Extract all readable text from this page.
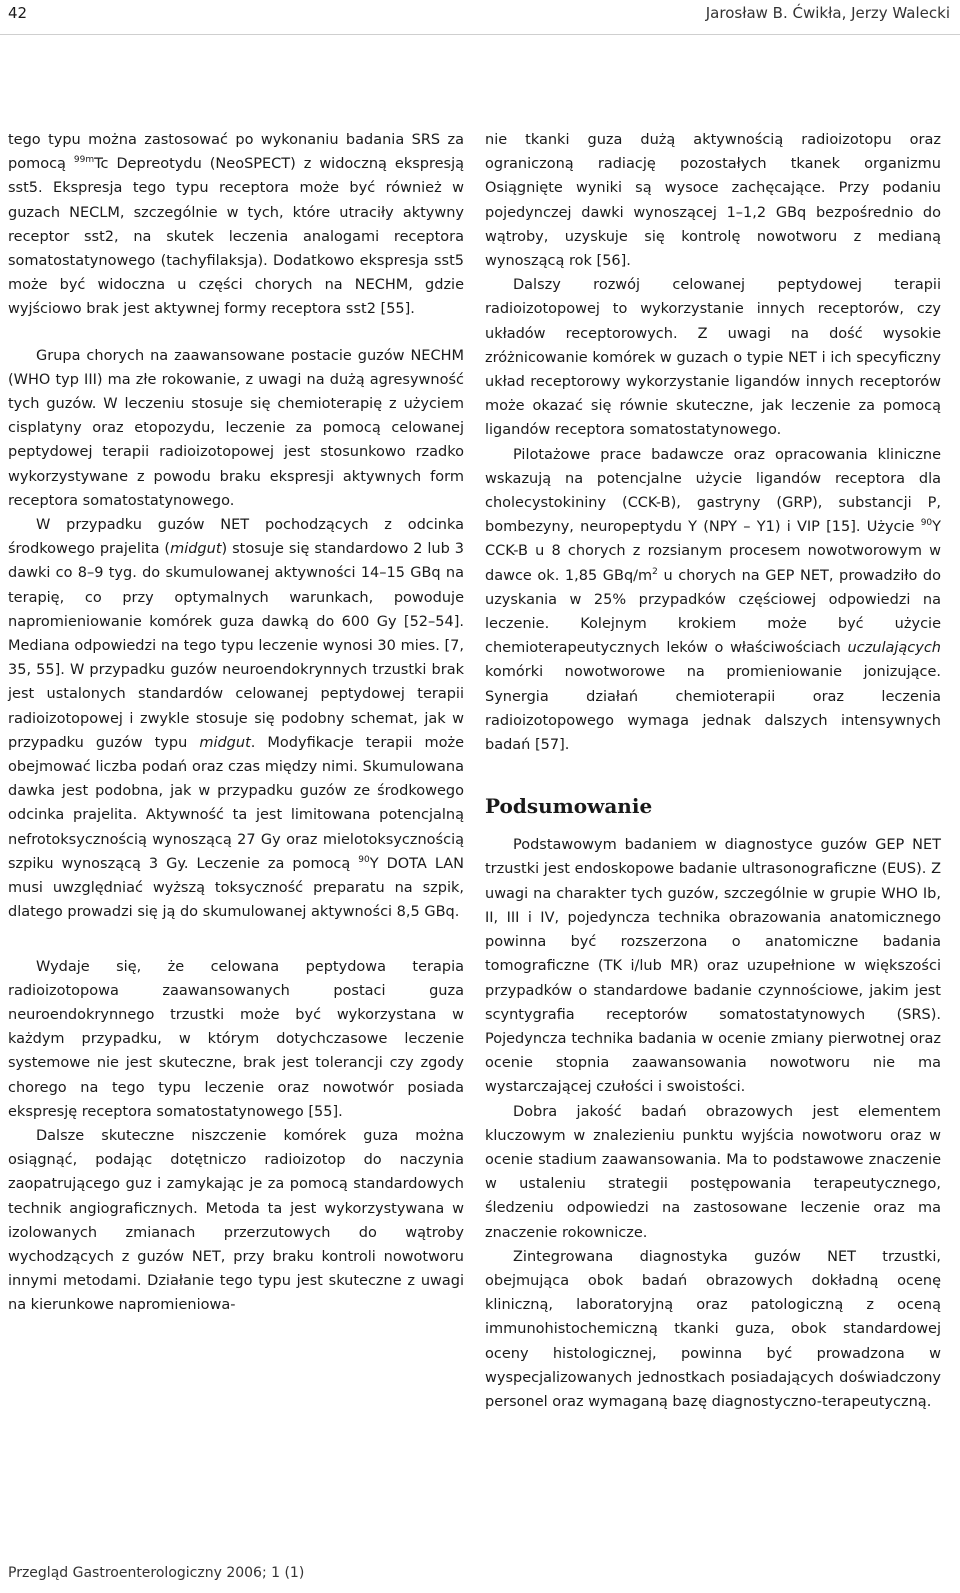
42	Jarosław B. Ćwikła, Jerzy Walecki

tego typu można zastosować po wykonaniu badania SRS za pomocą $^{99m}$Tc Depreotydu (NeoSPECT) z widoczną ekspresją sst5. Ekspresja tego typu receptora może być również w guzach NECLM, szczególnie w tych, które utraciły aktywny receptor sst2, na skutek leczenia analogami receptora somatostatynowego (tachyfilaksja). Dodatkowo ekspresja sst5 może być widoczna u części chorych na NECHM, gdzie wyjściowo brak jest aktywnej formy receptora sst2 [55].

Grupa chorych na zaawansowane postacie guzów NECHM (WHO typ III) ma złe rokowanie, z uwagi na dużą agresywność tych guzów. W leczeniu stosuje się chemioterapię z użyciem cisplatyny oraz etopozydu, leczenie za pomocą celowanej peptydowej terapii radioizotopowej jest stosunkowo rzadko wykorzystywane z powodu braku ekspresji aktywnych form receptora somatostatynowego.

W przypadku guzów NET pochodzących z odcinka środkowego prajelita (midgut) stosuje się standardowo 2 lub 3 dawki co 8–9 tyg. do skumulowanej aktywności 14–15 GBq na terapię, co przy optymalnych warunkach, powoduje napromieniowanie komórek guza dawką do 600 Gy [52–54]. Mediana odpowiedzi na tego typu leczenie wynosi 30 mies. [7, 35, 55]. W przypadku guzów neuroendokrynnych trzustki brak jest ustalonych standardów celowanej peptydowej terapii radioizotopowej i zwykle stosuje się podobny schemat, jak w przypadku guzów typu midgut. Modyfikacje terapii może obejmować liczba podań oraz czas między nimi. Skumulowana dawka jest podobna, jak w przypadku guzów ze środkowego odcinka prajelita. Aktywność ta jest limitowana potencjalną nefrotoksycznością wynoszącą 27 Gy oraz mielotoksycznością szpiku wynoszącą 3 Gy. Leczenie za pomocą $^{90}$Y DOTA LAN musi uwzględniać wyższą toksyczność preparatu na szpik, dlatego prowadzi się ją do skumulowanej aktywności 8,5 GBq.

Wydaje się, że celowana peptydowa terapia radioizotopowa zaawansowanych postaci guza neuroendokrynnego trzustki może być wykorzystana w każdym przypadku, w którym dotychczasowe leczenie systemowe nie jest skuteczne, brak jest tolerancji czy zgody chorego na tego typu leczenie oraz nowotwór posiada ekspresję receptora somatostatynowego [55].

Dalsze skuteczne niszczenie komórek guza można osiągnąć, podając dotętniczo radioizotop do naczynia zaopatrującego guz i zamykając je za pomocą standardowych technik angiograficznych. Metoda ta jest wykorzystywana w izolowanych zmianach przerzutowych do wątroby wychodzących z guzów NET, przy braku kontroli nowotworu innymi metodami. Działanie tego typu jest skuteczne z uwagi na kierunkowe napromieniowa-

nie tkanki guza dużą aktywnością radioizotopu oraz ograniczoną radiację pozostałych tkanek organizmu Osiągnięte wyniki są wysoce zachęcające. Przy podaniu pojedynczej dawki wynoszącej 1–1,2 GBq bezpośrednio do wątroby, uzyskuje się kontrolę nowotworu z medianą wynoszącą rok [56].

Dalszy rozwój celowanej peptydowej terapii radioizotopowej to wykorzystanie innych receptorów, czy układów receptorowych. Z uwagi na dość wysokie zróżnicowanie komórek w guzach o typie NET i ich specyficzny układ receptorowy wykorzystanie ligandów innych receptorów może okazać się równie skuteczne, jak leczenie za pomocą ligandów receptora somatostatynowego.

Pilotażowe prace badawcze oraz opracowania kliniczne wskazują na potencjalne użycie ligandów receptora dla cholecystokininy (CCK-B), gastryny (GRP), substancji P, bombezyny, neuropeptydu Y (NPY – Y1) i VIP [15]. Użycie $^{90}$Y CCK-B u 8 chorych z rozsianym procesem nowotworowym w dawce ok. 1,85 GBq/$m^2$ u chorych na GEP NET, prowadziło do uzyskania w 25% przypadków częściowej odpowiedzi na leczenie. Kolejnym krokiem może być użycie chemioterapeutycznych leków o właściwościach uczulających komórki nowotworowe na promieniowanie jonizujące. Synergia działań chemioterapii oraz leczenia radioizotopowego wymaga jednak dalszych intensywnych badań [57].

Podsumowanie

Podstawowym badaniem w diagnostyce guzów GEP NET trzustki jest endoskopowe badanie ultrasonograficzne (EUS). Z uwagi na charakter tych guzów, szczególnie w grupie WHO Ib, II, III i IV, pojedyncza technika obrazowania anatomicznego powinna być rozszerzona o anatomiczne badania tomograficzne (TK i/lub MR) oraz uzupełnione w większości przypadków o standardowe badanie czynnościowe, jakim jest scyntygrafia receptorów somatostatynowych (SRS). Pojedyncza technika badania w ocenie zmiany pierwotnej oraz ocenie stopnia zaawansowania nowotworu nie ma wystarczającej czułości i swoistości.

Dobra jakość badań obrazowych jest elementem kluczowym w znalezieniu punktu wyjścia nowotworu oraz w ocenie stadium zaawansowania. Ma to podstawowe znaczenie w ustaleniu strategii postępowania terapeutycznego, śledzeniu odpowiedzi na zastosowane leczenie oraz ma znaczenie rokownicze.

Zintegrowana diagnostyka guzów NET trzustki, obejmująca obok badań obrazowych dokładną ocenę kliniczną, laboratoryjną oraz patologiczną z oceną immunohistochemiczną tkanki guza, obok standardowej oceny histologicznej, powinna być prowadzona w wyspecjalizowanych jednostkach posiadających doświadczony personel oraz wymaganą bazę diagnostyczno-terapeutyczną.

Przegląd Gastroenterologiczny 2006; 1 (1)
